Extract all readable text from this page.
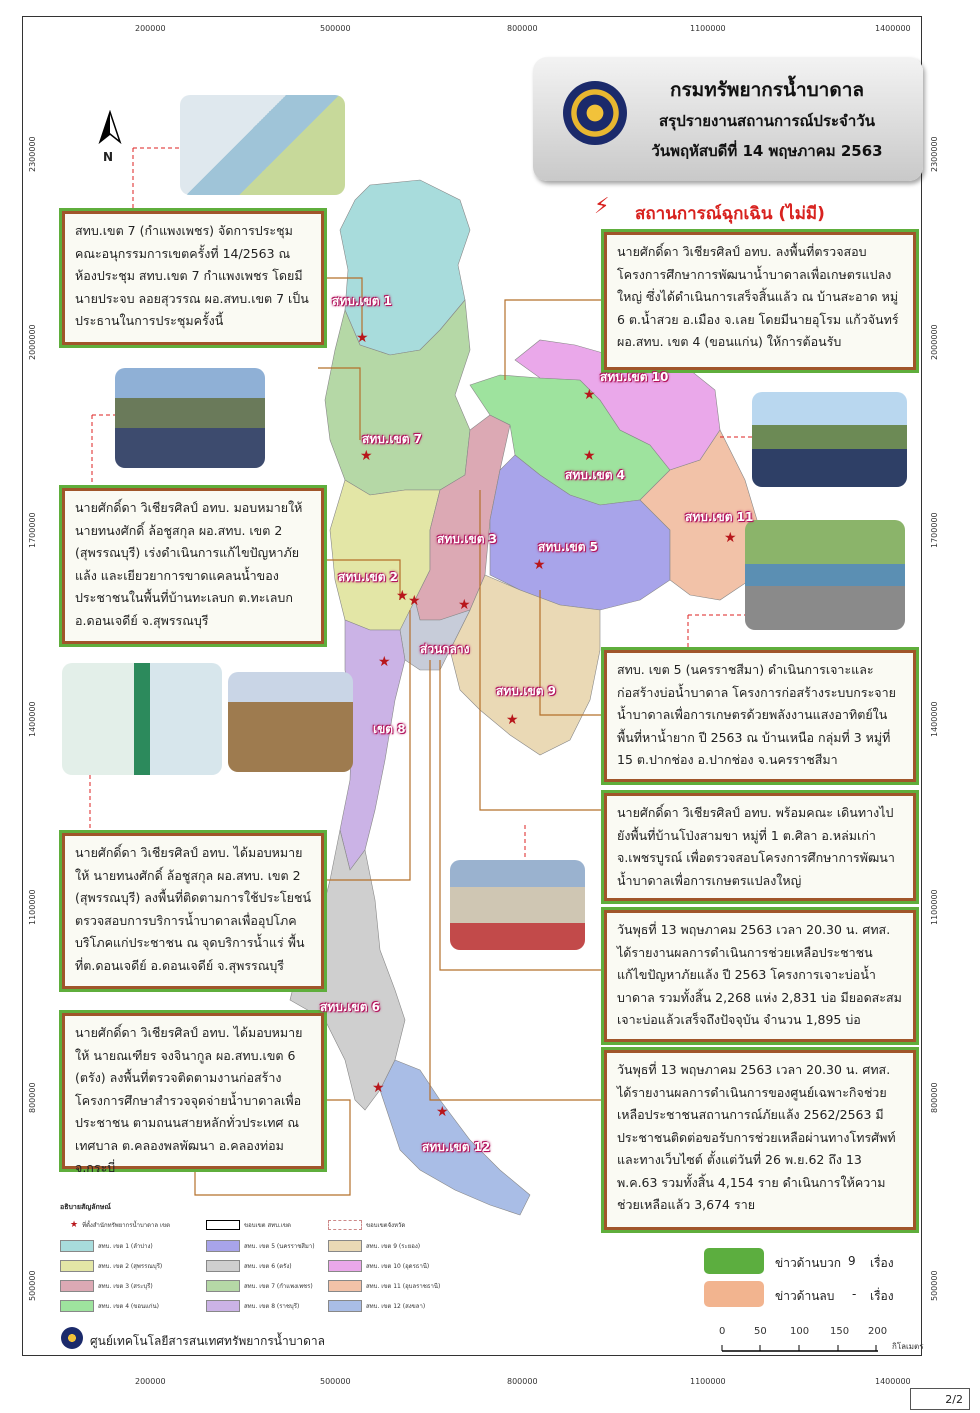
200000	500000	800000	1100000	1400000
200000	500000	800000	1100000	1400000
2300000
2000000
1700000
1400000
1100000
800000
500000
2300000
2000000
1700000
1400000
1100000
800000
500000
N
กรมทรัพยากรน้ำบาดาล
สรุปรายงานสถานการณ์ประจำวัน
วันพฤหัสบดีที่ 14 พฤษภาคม 2563
⚡ สถานการณ์ฉุกเฉิน (ไม่มี)
สทบ.เขต 7 (กำแพงเพชร) จัดการประชุมคณะอนุกรรมการเขตครั้งที่ 14/2563 ณ ห้องประชุม สทบ.เขต 7 กำแพงเพชร โดยมี นายประจบ ลอยสุวรรณ ผอ.สทบ.เขต 7 เป็นประธานในการประชุมครั้งนี้
นายศักดิ์ดา วิเชียรศิลป์ อทบ. มอบหมายให้ นายทนงศักดิ์ ล้อชูสกุล ผอ.สทบ. เขต 2 (สุพรรณบุรี) เร่งดำเนินการแก้ไขปัญหาภัยแล้ง และเยียวยาการขาดแคลนน้ำของประชาชนในพื้นที่บ้านทะเลบก ต.ทะเลบก อ.ดอนเจดีย์ จ.สุพรรณบุรี
นายศักดิ์ดา วิเชียรศิลป์ อทบ. ได้มอบหมายให้ นายทนงศักดิ์ ล้อชูสกุล ผอ.สทบ. เขต 2 (สุพรรณบุรี) ลงพื้นที่ติดตามการใช้ประโยชน์ ตรวจสอบการบริการน้ำบาดาลเพื่ออุปโภค บริโภคแก่ประชาชน ณ จุดบริการน้ำแร่ พื้นที่ต.ดอนเจดีย์ อ.ดอนเจดีย์ จ.สุพรรณบุรี
นายศักดิ์ดา วิเชียรศิลป์ อทบ. ได้มอบหมายให้ นายณเฑียร จงจินากูล ผอ.สทบ.เขต 6 (ตรัง) ลงพื้นที่ตรวจติดตามงานก่อสร้างโครงการศึกษาสำรวจจุดจ่ายน้ำบาดาลเพื่อประชาชน ตามถนนสายหลักทั่วประเทศ ณ เทศบาล ต.คลองพลพัฒนา อ.คลองท่อม จ.กระบี่
นายศักดิ์ดา วิเชียรศิลป์ อทบ. ลงพื้นที่ตรวจสอบโครงการศึกษาการพัฒนาน้ำบาดาลเพื่อเกษตรแปลงใหญ่ ซึ่งได้ดำเนินการเสร็จสิ้นแล้ว ณ บ้านสะอาด หมู่ 6 ต.น้ำสวย อ.เมือง จ.เลย โดยมีนายอุโรม แก้วจันทร์ ผอ.สทบ. เขต 4 (ขอนแก่น) ให้การต้อนรับ
สทบ. เขต 5 (นครราชสีมา) ดำเนินการเจาะและก่อสร้างบ่อน้ำบาดาล โครงการก่อสร้างระบบกระจายน้ำบาดาลเพื่อการเกษตรด้วยพลังงานแสงอาทิตย์ในพื้นที่หาน้ำยาก ปี 2563 ณ บ้านเหนือ กลุ่มที่ 3 หมู่ที่ 15 ต.ปากช่อง อ.ปากช่อง จ.นครราชสีมา
นายศักดิ์ดา วิเชียรศิลป์ อทบ. พร้อมคณะ เดินทางไปยังพื้นที่บ้านโป่งสามขา หมู่ที่ 1 ต.ศิลา อ.หล่มเก่า จ.เพชรบูรณ์ เพื่อตรวจสอบโครงการศึกษาการพัฒนาน้ำบาดาลเพื่อการเกษตรแปลงใหญ่
วันพุธที่ 13 พฤษภาคม 2563 เวลา 20.30 น. ศทส. ได้รายงานผลการดำเนินการช่วยเหลือประชาชนแก้ไขปัญหาภัยแล้ง ปี 2563 โครงการเจาะบ่อน้ำบาดาล รวมทั้งสิ้น 2,268 แห่ง 2,831 บ่อ มียอดสะสมเจาะบ่อแล้วเสร็จถึงปัจจุบัน จำนวน 1,895 บ่อ
วันพุธที่ 13 พฤษภาคม 2563 เวลา 20.30 น. ศทส. ได้รายงานผลการดำเนินการของศูนย์เฉพาะกิจช่วยเหลือประชาชนสถานการณ์ภัยแล้ง 2562/2563 มีประชาชนติดต่อขอรับการช่วยเหลือผ่านทางโทรศัพท์และทางเว็บไซต์ ตั้งแต่วันที่ 26 พ.ย.62 ถึง 13 พ.ค.63 รวมทั้งสิ้น 4,154 ราย ดำเนินการให้ความช่วยเหลือแล้ว 3,674 ราย
สทบ.เขต 1
สทบ.เขต 7
สทบ.เขต 2
สทบ.เขต 3
สทบ.เขต 4
สทบ.เขต 5
สทบ.เขต 10
สทบ.เขต 11
ส่วนกลาง
สทบ.เขต 9
เขต 8
สทบ.เขต 6
สทบ.เขต 12
★
★
★ ★	★
★
★
★
★
★
★
★
★
อธิบายสัญลักษณ์
★ ที่ตั้งสำนักทรัพยากรน้ำบาดาล เขต	ขอบเขต สทบ.เขต	ขอบเขตจังหวัด
สทบ. เขต 1 (ลำปาง)
สทบ. เขต 2 (สุพรรณบุรี)
สทบ. เขต 3 (สระบุรี)
สทบ. เขต 4 (ขอนแก่น)
สทบ. เขต 5 (นครราชสีมา)
สทบ. เขต 6 (ตรัง)
สทบ. เขต 7 (กำแพงเพชร)
สทบ. เขต 8 (ราชบุรี)
สทบ. เขต 9 (ระยอง)
สทบ. เขต 10 (อุดรธานี)
สทบ. เขต 11 (อุบลราชธานี)
สทบ. เขต 12 (สงขลา)
ข่าวด้านบวก 9 เรื่อง
ข่าวด้านลบ - เรื่อง
0	50 100 150 200
กิโลเมตร
ศูนย์เทคโนโลยีสารสนเทศทรัพยากรน้ำบาดาล
2/2
